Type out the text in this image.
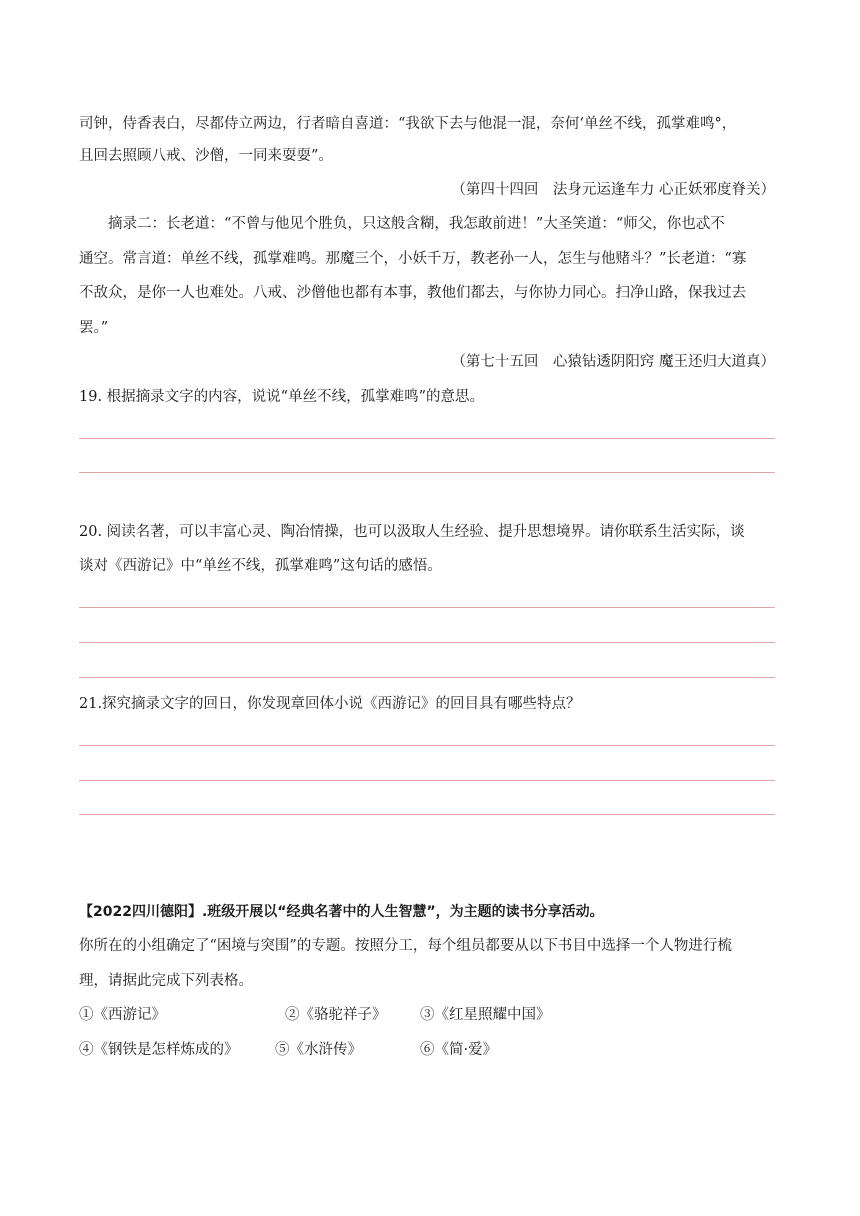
司钟，侍香表白，尽都侍立两边，行者暗自喜道：“我欲下去与他混一混，奈何‘单丝不线，孤掌难鸣°，
且回去照顾八戒、沙僧，一同来耍耍”。
（第四十四回　法身元运逢车力 心正妖邪度脊关）
摘录二：长老道：“不曾与他见个胜负，只这般含糊，我怎敢前进！”大圣笑道：“师父，你也忒不
通空。常言道：单丝不线，孤掌难鸣。那魔三个，小妖千万，教老孙一人，怎生与他赌斗？”长老道：“寡
不敌众，是你一人也难处。八戒、沙僧他也都有本事，教他们都去，与你协力同心。扫净山路，保我过去
罢。”
（第七十五回　心猿钻透阴阳窍 魔王还归大道真）
19. 根据摘录文字的内容，说说“单丝不线，孤掌难鸣”的意思。
20. 阅读名著，可以丰富心灵、陶冶情操，也可以汲取人生经验、提升思想境界。请你联系生活实际，谈
谈对《西游记》中“单丝不线，孤掌难鸣”这句话的感悟。
21.探究摘录文字的回日，你发现章回体小说《西游记》的回目具有哪些特点？
【2022四川德阳】.班级开展以“经典名著中的人生智慧”，为主题的读书分享活动。
你所在的小组确定了“困境与突围”的专题。按照分工，每个组员都要从以下书目中选择一个人物进行梳
理，请据此完成下列表格。
①《西游记》	②《骆驼祥子》 ③《红星照耀中国》
④《钢铁是怎样炼成的》	⑤《水浒传》	⑥《简·爱》
